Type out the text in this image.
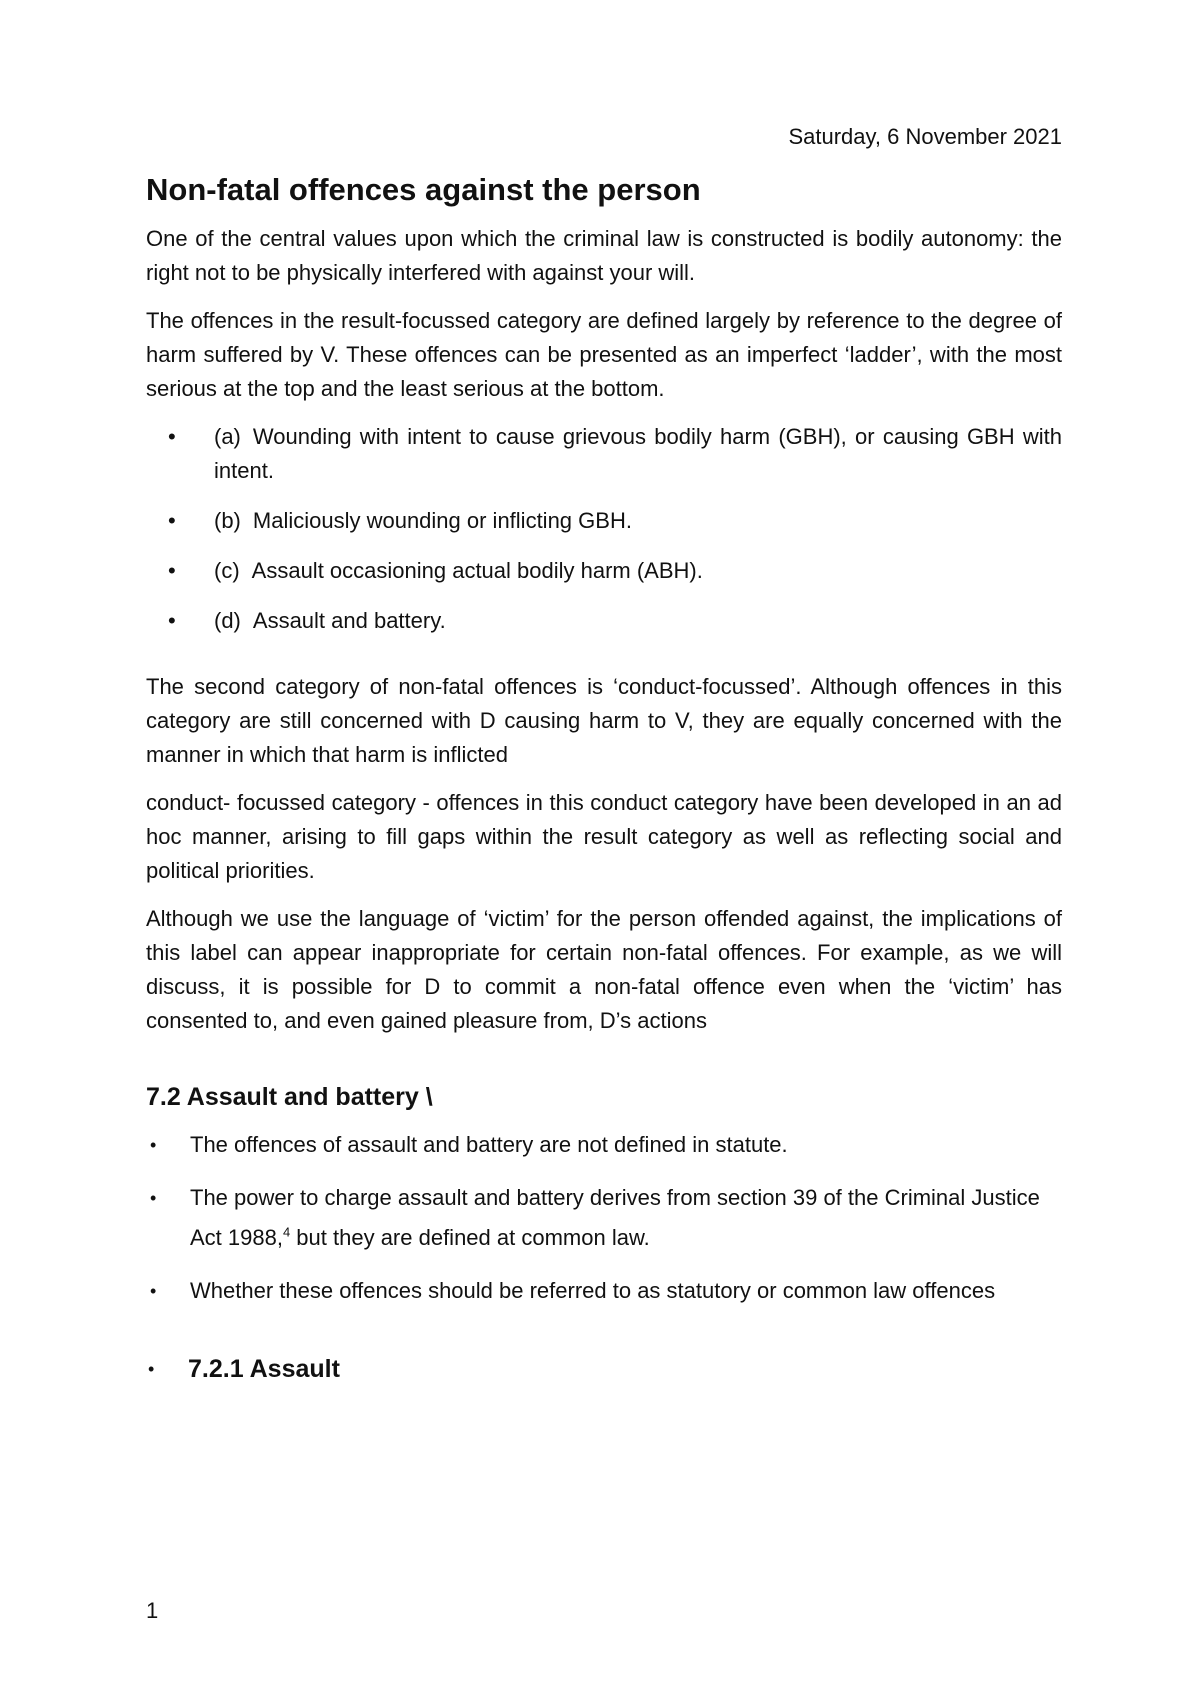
Saturday, 6 November 2021

Non-fatal offences against the person

One of the central values upon which the criminal law is constructed is bodily autonomy: the right not to be physically interfered with against your will.

The offences in the result-focussed category are defined largely by reference to the degree of harm suffered by V. These offences can be presented as an imperfect ‘ladder’, with the most serious at the top and the least serious at the bottom.

• (a) Wounding with intent to cause grievous bodily harm (GBH), or causing GBH with intent.
• (b) Maliciously wounding or inflicting GBH.
• (c) Assault occasioning actual bodily harm (ABH).
• (d) Assault and battery.

The second category of non-fatal offences is ‘conduct-focussed’. Although offences in this category are still concerned with D causing harm to V, they are equally concerned with the manner in which that harm is inflicted

conduct- focussed category - offences in this conduct category have been developed in an ad hoc manner, arising to fill gaps within the result category as well as reflecting social and political priorities.

Although we use the language of ‘victim’ for the person offended against, the implications of this label can appear inappropriate for certain non-fatal offences. For example, as we will discuss, it is possible for D to commit a non-fatal offence even when the ‘victim’ has consented to, and even gained pleasure from, D’s actions

7.2 Assault and battery \
• The offences of assault and battery are not defined in statute.
• The power to charge assault and battery derives from section 39 of the Criminal Justice Act 1988,$^4$ but they are defined at common law.
• Whether these offences should be referred to as statutory or common law offences
• 7.2.1 Assault
1
